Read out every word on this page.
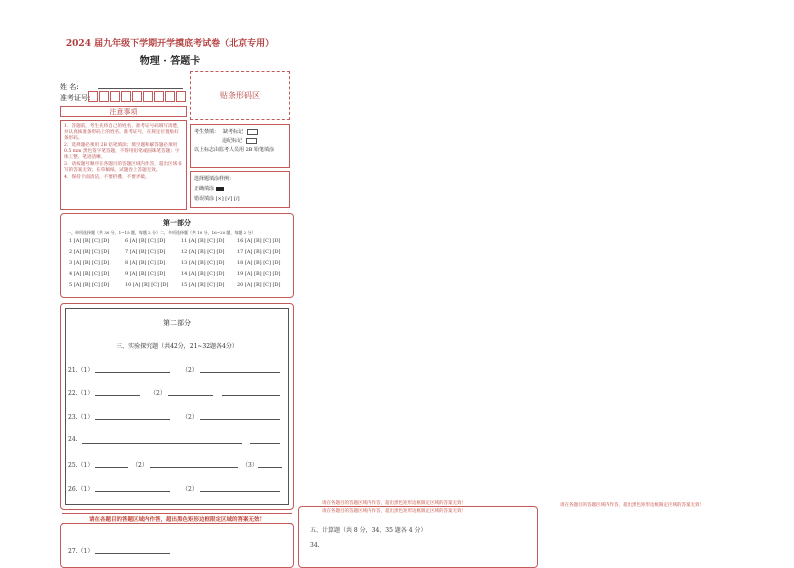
2024 届九年级下学期开学摸底考试卷（北京专用）
物理 · 答题卡
姓 名:
准考证号:	贴条形码区
注意事项

1．答题前，考生先将自己的姓名、准考证号码填写清楚，并认真核准条形码上的姓名、准考证号，在规定位置贴好条形码。

2．选择题必须用 2B 铅笔填涂；填空题和解答题必须用 0.5 mm 黑色签字笔答题，不得用铅笔或圆珠笔答题；字体工整、笔迹清晰。

3．请按题号顺序在各题目的答题区域内作答，超出区域书写的答案无效；在草稿纸、试题卷上答题无效。

4．保持卡面清洁，不要折叠、不要弄破。

考生禁填： 缺考标记
违纪标记
以上标志由监考人员用 2B 铅笔填涂
选择题填涂样例：
正确填涂
错误填涂 [×] [√] [/]
第一部分
一、单项选择题（共 30 分，1~15 题，每题 2 分）二、多项选择题（共 10 分，16~20 题，每题 2 分）
1 [A] [B] [C] [D]
2 [A] [B] [C] [D]
3 [A] [B] [C] [D]
4 [A] [B] [C] [D]
5 [A] [B] [C] [D]
6 [A] [B] [C] [D]
7 [A] [B] [C] [D]
8 [A] [B] [C] [D]
9 [A] [B] [C] [D]
10 [A] [B] [C] [D]
11 [A] [B] [C] [D]
12 [A] [B] [C] [D]
13 [A] [B] [C] [D]
14 [A] [B] [C] [D]
15 [A] [B] [C] [D]
16 [A] [B] [C] [D]
17 [A] [B] [C] [D]
18 [A] [B] [C] [D]
19 [A] [B] [C] [D]
20 [A] [B] [C] [D]
第二部分
三、实验探究题（共42分，21~32题各4分）
21.（1）	（2）
22.（1）	（2）
23.（1）	（2）
24.
25.（1）	（2）	（3）
26.（1）	（2）
请在各题目的答题区域内作答，超出黑色矩形边框限定区域的答案无效！
27.（1）
请在各题目的答题区域内作答，超出黑色矩形边框限定区域的答案无效！
请在各题目的答题区域内作答，超出黑色矩形边框限定区域的答案无效！
请在各题目的答题区域内作答，超出黑色矩形边框限定区域的答案无效！
五、计算题（共 8 分，34、35 题各 4 分）
34.
